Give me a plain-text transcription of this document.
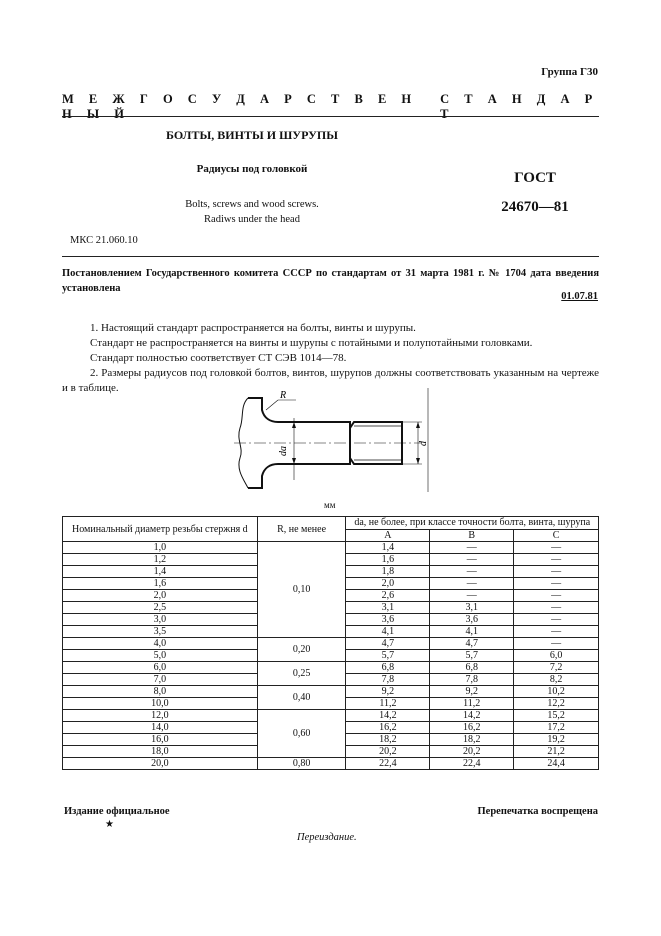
Группа Г30
М Е Ж Г О С У Д А Р С Т В Е Н Н Ы Й
С Т А Н Д А Р Т
БОЛТЫ, ВИНТЫ И ШУРУПЫ
Радиусы под головкой
Bolts, screws and wood screws.
Radiws under the head
ГОСТ
24670—81
МКС 21.060.10
Постановлением Государственного комитета СССР по стандартам от 31 марта 1981 г. № 1704 дата введения установлена
01.07.81
1. Настоящий стандарт распространяется на болты, винты и шурупы.
Стандарт не распространяется на винты и шурупы с потайными и полупотайными головками.
Стандарт полностью соответствует СТ СЭВ 1014—78.
2. Размеры радиусов под головкой болтов, винтов, шурупов должны соответствовать указанным на чертеже и в таблице.
R
da
d
мм
Номинальный диаметр резьбы стержня d	R, не менее	da, не более, при классе точности болта, винта, шурупа		
		A	B	C
1,0	0,10	1,4	—	—
1,2		1,6	—	—
1,4		1,8	—	—
1,6		2,0	—	—
2,0		2,6	—	—
2,5		3,1	3,1	—
3,0		3,6	3,6	—
3,5		4,1	4,1	—
4,0	0,20	4,7	4,7	—
5,0		5,7	5,7	6,0
6,0	0,25	6,8	6,8	7,2
7,0		7,8	7,8	8,2
8,0	0,40	9,2	9,2	10,2
10,0		11,2	11,2	12,2
12,0	0,60	14,2	14,2	15,2
14,0		16,2	16,2	17,2
16,0		18,2	18,2	19,2
18,0		20,2	20,2	21,2
20,0	0,80	22,4	22,4	24,4
Издание официальное
★
Перепечатка воспрещена
Переиздание.
